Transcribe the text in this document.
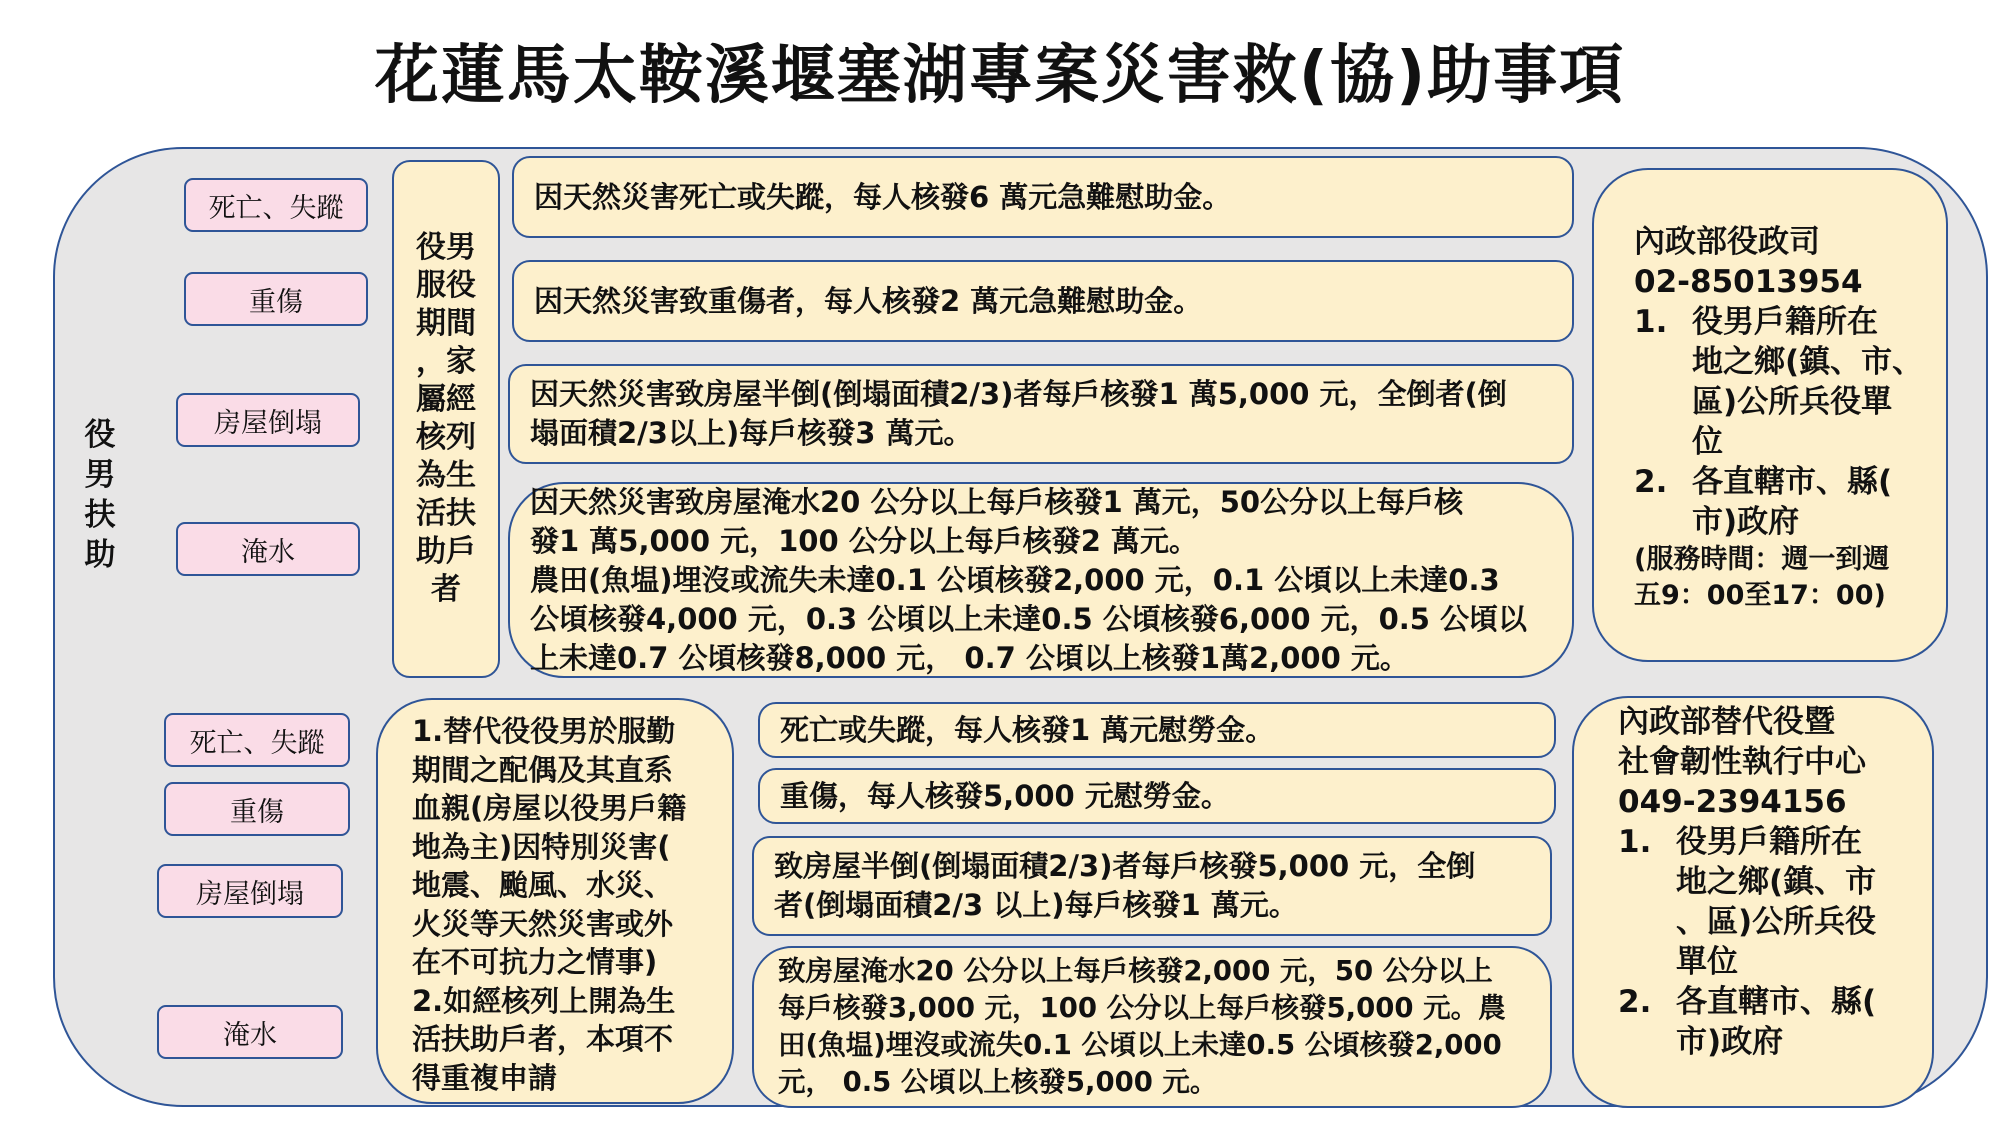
花蓮馬太鞍溪堰塞湖專案災害救(協)助事項
役
男
扶
助
死亡、失蹤
重傷
房屋倒塌
淹水
役男
服役
期間
，家
屬經
核列
為生
活扶
助戶
者
因天然災害死亡或失蹤，每人核發6 萬元急難慰助金。
因天然災害致重傷者，每人核發2 萬元急難慰助金。
因天然災害致房屋半倒(倒塌面積2/3)者每戶核發1 萬5,000 元，全倒者(倒
塌面積2/3以上)每戶核發3 萬元。
因天然災害致房屋淹水20 公分以上每戶核發1 萬元，50公分以上每戶核
發1 萬5,000 元，100 公分以上每戶核發2 萬元。
農田(魚塭)埋沒或流失未達0.1 公頃核發2,000 元，0.1 公頃以上未達0.3
公頃核發4,000 元，0.3 公頃以上未達0.5 公頃核發6,000 元，0.5 公頃以
上未達0.7 公頃核發8,000 元， 0.7 公頃以上核發1萬2,000 元。
內政部役政司
02-85013954
1. 役男戶籍所在
地之鄉(鎮、市、
區)公所兵役單
位
2. 各直轄市、縣(
市)政府
(服務時間：週一到週
五9：00至17：00)
死亡、失蹤
重傷
房屋倒塌
淹水
1.替代役役男於服勤
期間之配偶及其直系
血親(房屋以役男戶籍
地為主)因特別災害(
地震、颱風、水災、
火災等天然災害或外
在不可抗力之情事)
2.如經核列上開為生
活扶助戶者，本項不
得重複申請
死亡或失蹤，每人核發1 萬元慰勞金。
重傷，每人核發5,000 元慰勞金。
致房屋半倒(倒塌面積2/3)者每戶核發5,000 元，全倒
者(倒塌面積2/3 以上)每戶核發1 萬元。
致房屋淹水20 公分以上每戶核發2,000 元，50 公分以上
每戶核發3,000 元，100 公分以上每戶核發5,000 元。農
田(魚塭)埋沒或流失0.1 公頃以上未達0.5 公頃核發2,000
元， 0.5 公頃以上核發5,000 元。
內政部替代役暨
社會韌性執行中心
049-2394156
1. 役男戶籍所在
地之鄉(鎮、市
、區)公所兵役
單位
2. 各直轄市、縣(
市)政府
